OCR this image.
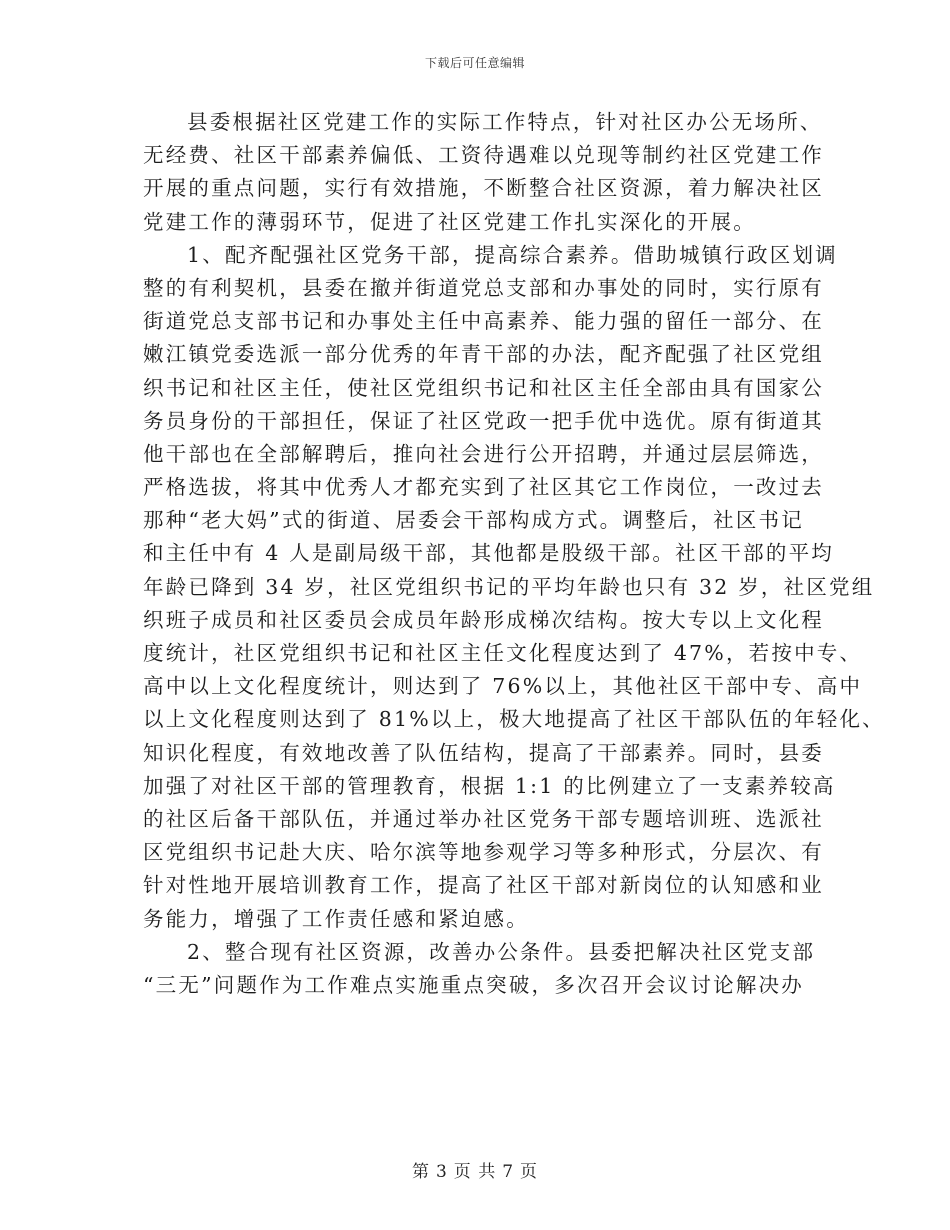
下载后可任意编辑
县委根据社区党建工作的实际工作特点，针对社区办公无场所、
无经费、社区干部素养偏低、工资待遇难以兑现等制约社区党建工作
开展的重点问题，实行有效措施，不断整合社区资源，着力解决社区
党建工作的薄弱环节，促进了社区党建工作扎实深化的开展。
1、配齐配强社区党务干部，提高综合素养。借助城镇行政区划调
整的有利契机，县委在撤并街道党总支部和办事处的同时，实行原有
街道党总支部书记和办事处主任中高素养、能力强的留任一部分、在
嫩江镇党委选派一部分优秀的年青干部的办法，配齐配强了社区党组
织书记和社区主任，使社区党组织书记和社区主任全部由具有国家公
务员身份的干部担任，保证了社区党政一把手优中选优。原有街道其
他干部也在全部解聘后，推向社会进行公开招聘，并通过层层筛选，
严格选拔，将其中优秀人才都充实到了社区其它工作岗位，一改过去
那种“老大妈”式的街道、居委会干部构成方式。调整后，社区书记
和主任中有 4 人是副局级干部，其他都是股级干部。社区干部的平均
年龄已降到 34 岁，社区党组织书记的平均年龄也只有 32 岁，社区党组
织班子成员和社区委员会成员年龄形成梯次结构。按大专以上文化程
度统计，社区党组织书记和社区主任文化程度达到了 47%，若按中专、
高中以上文化程度统计，则达到了 76%以上，其他社区干部中专、高中
以上文化程度则达到了 81%以上，极大地提高了社区干部队伍的年轻化、
知识化程度，有效地改善了队伍结构，提高了干部素养。同时，县委
加强了对社区干部的管理教育，根据 1:1 的比例建立了一支素养较高
的社区后备干部队伍，并通过举办社区党务干部专题培训班、选派社
区党组织书记赴大庆、哈尔滨等地参观学习等多种形式，分层次、有
针对性地开展培训教育工作，提高了社区干部对新岗位的认知感和业
务能力，增强了工作责任感和紧迫感。
2、整合现有社区资源，改善办公条件。县委把解决社区党支部
“三无”问题作为工作难点实施重点突破，多次召开会议讨论解决办
第 3 页 共 7 页
